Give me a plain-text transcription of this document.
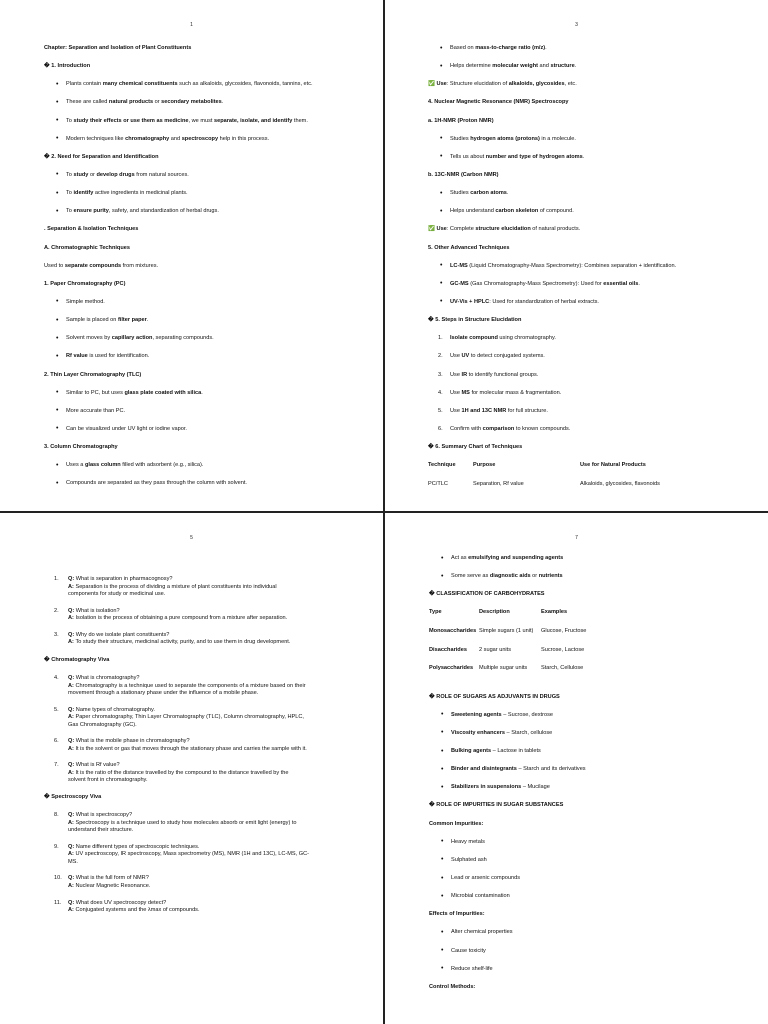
1
Chapter: Separation and Isolation of Plant Constituents
� 1. Introduction
• Plants contain many chemical constituents such as alkaloids, glycosides, flavonoids, tannins, etc.
• These are called natural products or secondary metabolites.
• To study their effects or use them as medicine, we must separate, isolate, and identify them.
• Modern techniques like chromatography and spectroscopy help in this process.
� 2. Need for Separation and Identification
• To study or develop drugs from natural sources.
• To identify active ingredients in medicinal plants.
• To ensure purity, safety, and standardization of herbal drugs.
. Separation & Isolation Techniques
A. Chromatographic Techniques
Used to separate compounds from mixtures.
1. Paper Chromatography (PC)
• Simple method.
• Sample is placed on filter paper.
• Solvent moves by capillary action, separating compounds.
• Rf value is used for identification.
2. Thin Layer Chromatography (TLC)
• Similar to PC, but uses glass plate coated with silica.
• More accurate than PC.
• Can be visualized under UV light or iodine vapor.
3. Column Chromatography
• Uses a glass column filled with adsorbent (e.g., silica).
• Compounds are separated as they pass through the column with solvent.
3
• Based on mass-to-charge ratio (m/z).
• Helps determine molecular weight and structure.
✅ Use: Structure elucidation of alkaloids, glycosides, etc.
4. Nuclear Magnetic Resonance (NMR) Spectroscopy
a. 1H-NMR (Proton NMR)
• Studies hydrogen atoms (protons) in a molecule.
• Tells us about number and type of hydrogen atoms.
b. 13C-NMR (Carbon NMR)
• Studies carbon atoms.
• Helps understand carbon skeleton of compound.
✅ Use: Complete structure elucidation of natural products.
5. Other Advanced Techniques
• LC-MS (Liquid Chromatography-Mass Spectrometry): Combines separation + identification.
• GC-MS (Gas Chromatography-Mass Spectrometry): Used for essential oils.
• UV-Vis + HPLC: Used for standardization of herbal extracts.
� 5. Steps in Structure Elucidation
1. Isolate compound using chromatography.
2. Use UV to detect conjugated systems.
3. Use IR to identify functional groups.
4. Use MS for molecular mass & fragmentation.
5. Use 1H and 13C NMR for full structure.
6. Confirm with comparison to known compounds.
� 6. Summary Chart of Techniques
Technique	Purpose	Use for Natural Products
PC/TLC	Separation, Rf value	Alkaloids, glycosides, flavonoids
5
1. Q: What is separation in pharmacognosy?
A: Separation is the process of dividing a mixture of plant constituents into individual
components for study or medicinal use.
2. Q: What is isolation?
A: Isolation is the process of obtaining a pure compound from a mixture after separation.
3. Q: Why do we isolate plant constituents?
A: To study their structure, medicinal activity, purity, and to use them in drug development.
� Chromatography Viva
4. Q: What is chromatography?
A: Chromatography is a technique used to separate the components of a mixture based on their
movement through a stationary phase under the influence of a mobile phase.
5. Q: Name types of chromatography.
A: Paper chromatography, Thin Layer Chromatography (TLC), Column chromatography, HPLC,
Gas Chromatography (GC).
6. Q: What is the mobile phase in chromatography?
A: It is the solvent or gas that moves through the stationary phase and carries the sample with it.
7. Q: What is Rf value?
A: It is the ratio of the distance travelled by the compound to the distance travelled by the
solvent front in chromatography.
� Spectroscopy Viva
8. Q: What is spectroscopy?
A: Spectroscopy is a technique used to study how molecules absorb or emit light (energy) to
understand their structure.
9. Q: Name different types of spectroscopic techniques.
A: UV spectroscopy, IR spectroscopy, Mass spectrometry (MS), NMR (1H and 13C), LC-MS, GC-
MS.
10. Q: What is the full form of NMR?
A: Nuclear Magnetic Resonance.
11. Q: What does UV spectroscopy detect?
A: Conjugated systems and the λmax of compounds.
7
• Act as emulsifying and suspending agents
• Some serve as diagnostic aids or nutrients
� CLASSIFICATION OF CARBOHYDRATES
Type	Description	Examples
Monosaccharides Simple sugars (1 unit)	Glucose, Fructose
Disaccharides	2 sugar units	Sucrose, Lactose
Polysaccharides	Multiple sugar units	Starch, Cellulose
� ROLE OF SUGARS AS ADJUVANTS IN DRUGS
• Sweetening agents – Sucrose, dextrose
• Viscosity enhancers – Starch, cellulose
• Bulking agents – Lactose in tablets
• Binder and disintegrants – Starch and its derivatives
• Stabilizers in suspensions – Mucilage
� ROLE OF IMPURITIES IN SUGAR SUBSTANCES
Common Impurities:
• Heavy metals
• Sulphated ash
• Lead or arsenic compounds
• Microbial contamination
Effects of Impurities:
• Alter chemical properties
• Cause toxicity
• Reduce shelf-life
Control Methods:
